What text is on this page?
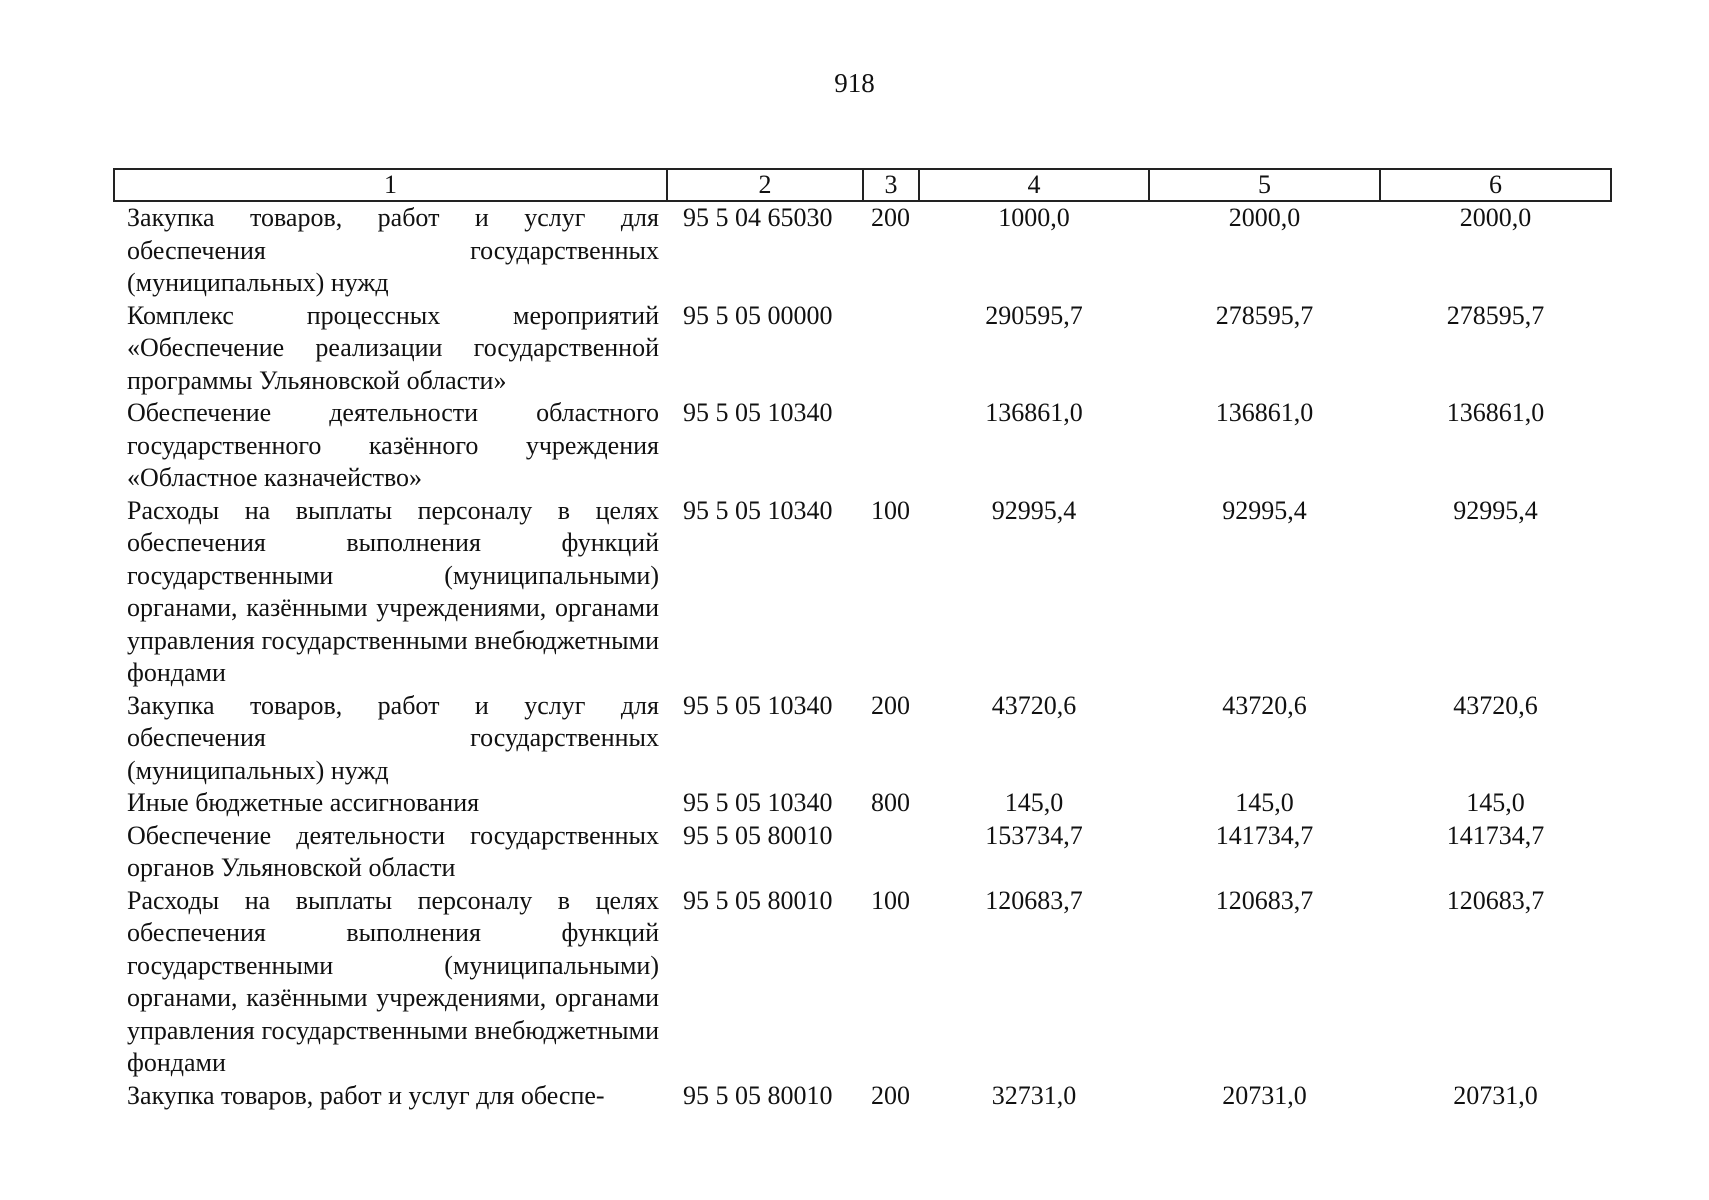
918
1	2	3	4	5	6
Закупка товаров, работ и услуг для обеспечения государственных (муниципальных) нужд	95 5 04 65030	200	1000,0	2000,0	2000,0
Комплекс процессных мероприятий «Обеспечение реализации государственной программы Ульяновской области»	95 5 05 00000		290595,7	278595,7	278595,7
Обеспечение деятельности областного государственного казённого учреждения «Областное казначейство»	95 5 05 10340		136861,0	136861,0	136861,0
Расходы на выплаты персоналу в целях обеспечения выполнения функций государственными (муниципальными) органами, казёнными учреждениями, органами управления государственными внебюджетными фондами	95 5 05 10340	100	92995,4	92995,4	92995,4
Закупка товаров, работ и услуг для обеспечения государственных (муниципальных) нужд	95 5 05 10340	200	43720,6	43720,6	43720,6
Иные бюджетные ассигнования	95 5 05 10340	800	145,0	145,0	145,0
Обеспечение деятельности государственных органов Ульяновской области	95 5 05 80010		153734,7	141734,7	141734,7
Расходы на выплаты персоналу в целях обеспечения выполнения функций государственными (муниципальными) органами, казёнными учреждениями, органами управления государственными внебюджетными фондами	95 5 05 80010	100	120683,7	120683,7	120683,7
Закупка товаров, работ и услуг для обеспе-	95 5 05 80010	200	32731,0	20731,0	20731,0
